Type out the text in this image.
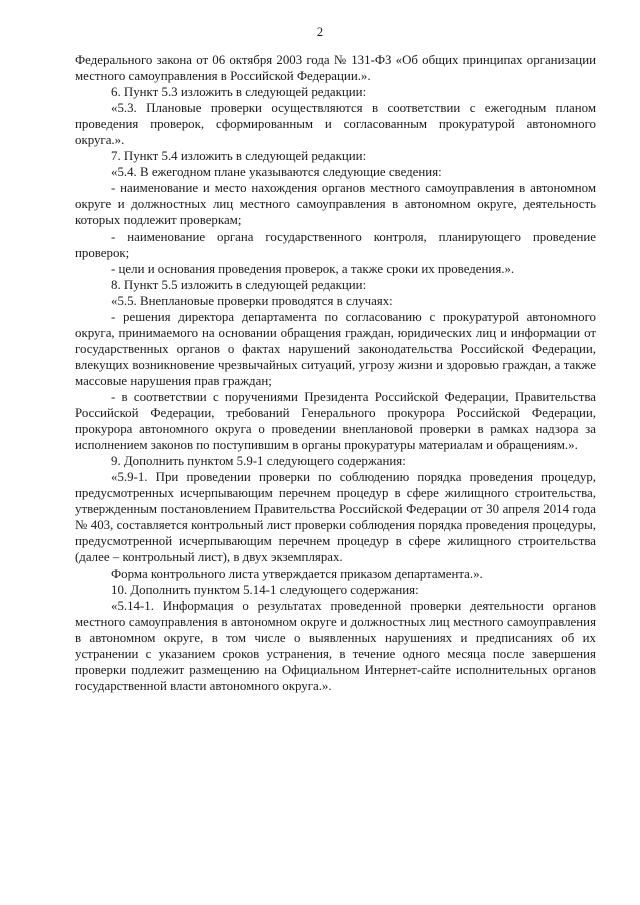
2

Федерального закона от 06 октября 2003 года № 131-ФЗ «Об общих принципах организации местного самоуправления в Российской Федерации.».

6. Пункт 5.3 изложить в следующей редакции:

«5.3. Плановые проверки осуществляются в соответствии с ежегодным планом проведения проверок, сформированным и согласованным прокуратурой автономного округа.».

7. Пункт 5.4 изложить в следующей редакции:

«5.4. В ежегодном плане указываются следующие сведения:

- наименование и место нахождения органов местного самоуправления в автономном округе и должностных лиц местного самоуправления в автономном округе, деятельность которых подлежит проверкам;

- наименование органа государственного контроля, планирующего проведение проверок;

- цели и основания проведения проверок, а также сроки их проведения.».

8. Пункт 5.5 изложить в следующей редакции:

«5.5. Внеплановые проверки проводятся в случаях:

- решения директора департамента по согласованию с прокуратурой автономного округа, принимаемого на основании обращения граждан, юридических лиц и информации от государственных органов о фактах нарушений законодательства Российской Федерации, влекущих возникновение чрезвычайных ситуаций, угрозу жизни и здоровью граждан, а также массовые нарушения прав граждан;

- в соответствии с поручениями Президента Российской Федерации, Правительства Российской Федерации, требований Генерального прокурора Российской Федерации, прокурора автономного округа о проведении внеплановой проверки в рамках надзора за исполнением законов по поступившим в органы прокуратуры материалам и обращениям.».

9. Дополнить пунктом 5.9-1 следующего содержания:

«5.9-1. При проведении проверки по соблюдению порядка проведения процедур, предусмотренных исчерпывающим перечнем процедур в сфере жилищного строительства, утвержденным постановлением Правительства Российской Федерации от 30 апреля 2014 года № 403, составляется контрольный лист проверки соблюдения порядка проведения процедуры, предусмотренной исчерпывающим перечнем процедур в сфере жилищного строительства (далее – контрольный лист), в двух экземплярах.

Форма контрольного листа утверждается приказом департамента.».

10. Дополнить пунктом 5.14-1 следующего содержания:

«5.14-1. Информация о результатах проведенной проверки деятельности органов местного самоуправления в автономном округе и должностных лиц местного самоуправления в автономном округе, в том числе о выявленных нарушениях и предписаниях об их устранении с указанием сроков устранения, в течение одного месяца после завершения проверки подлежит размещению на Официальном Интернет-сайте исполнительных органов государственной власти автономного округа.».
